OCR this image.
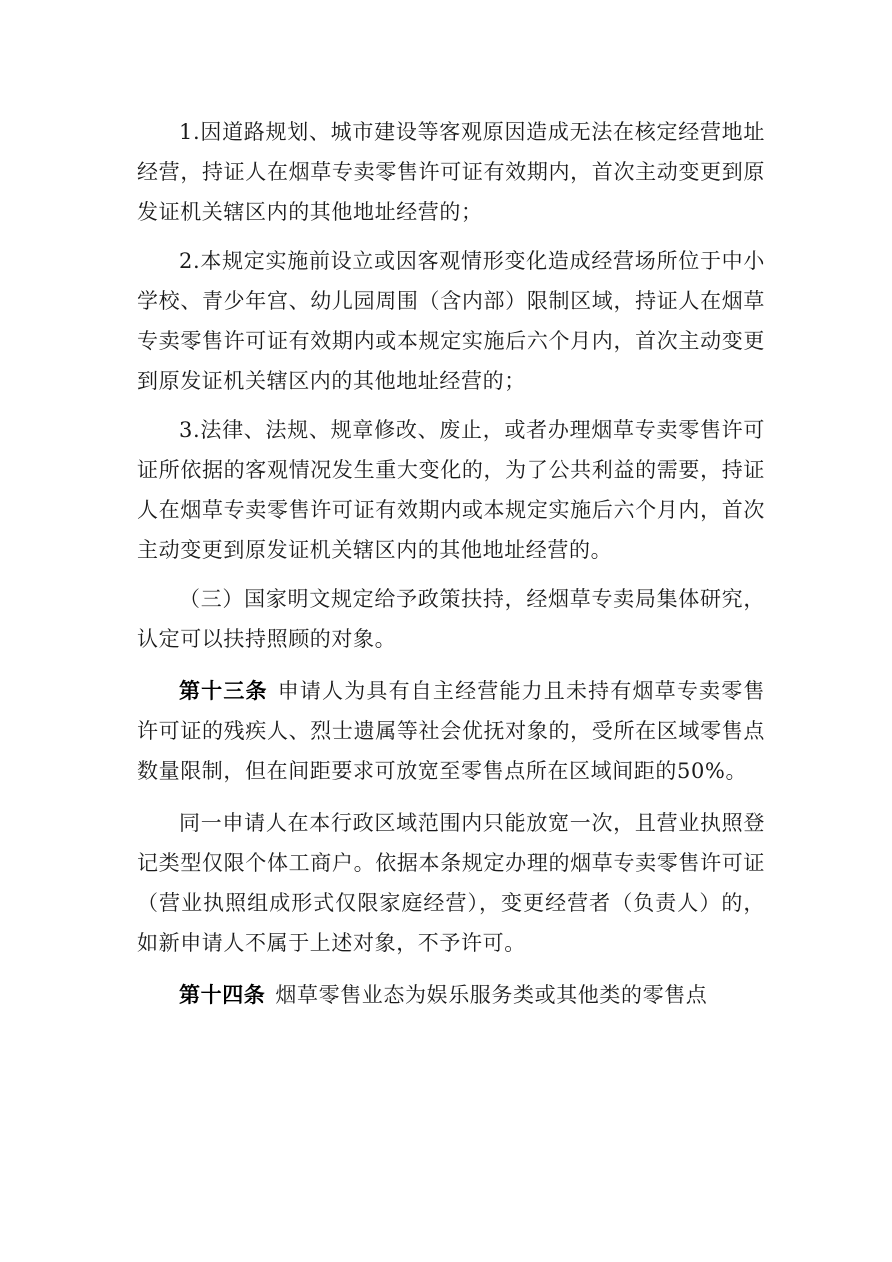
1.因道路规划、城市建设等客观原因造成无法在核定经营地址经营，持证人在烟草专卖零售许可证有效期内，首次主动变更到原发证机关辖区内的其他地址经营的；

2.本规定实施前设立或因客观情形变化造成经营场所位于中小学校、青少年宫、幼儿园周围（含内部）限制区域，持证人在烟草专卖零售许可证有效期内或本规定实施后六个月内，首次主动变更到原发证机关辖区内的其他地址经营的；

3.法律、法规、规章修改、废止，或者办理烟草专卖零售许可证所依据的客观情况发生重大变化的，为了公共利益的需要，持证人在烟草专卖零售许可证有效期内或本规定实施后六个月内，首次主动变更到原发证机关辖区内的其他地址经营的。

（三）国家明文规定给予政策扶持，经烟草专卖局集体研究，认定可以扶持照顾的对象。

第十三条 申请人为具有自主经营能力且未持有烟草专卖零售许可证的残疾人、烈士遗属等社会优抚对象的，受所在区域零售点数量限制，但在间距要求可放宽至零售点所在区域间距的50%。

同一申请人在本行政区域范围内只能放宽一次，且营业执照登记类型仅限个体工商户。依据本条规定办理的烟草专卖零售许可证（营业执照组成形式仅限家庭经营），变更经营者（负责人）的，如新申请人不属于上述对象，不予许可。

第十四条 烟草零售业态为娱乐服务类或其他类的零售点
